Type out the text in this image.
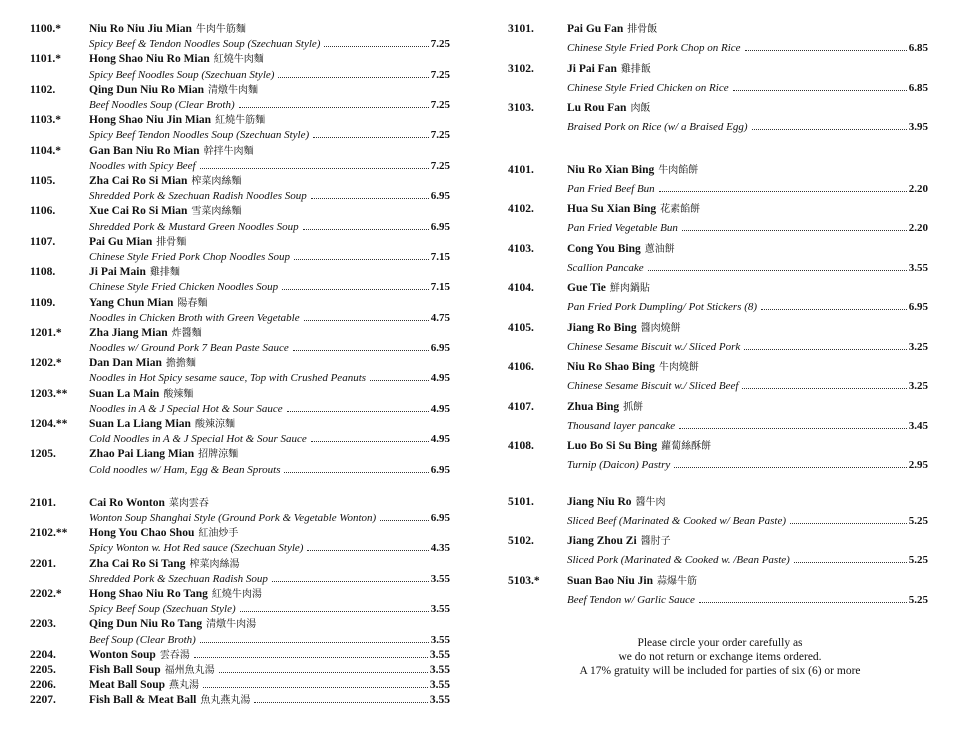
1100.* Niu Ro Niu Jiu Mian 牛肉牛筋麵
Spicy Beef & Tendon Noodles Soup (Szechuan Style)	7.25
1101.* Hong Shao Niu Ro Mian 紅燒牛肉麵
Spicy Beef Noodles Soup (Szechuan Style)	7.25
1102.	Qing Dun Niu Ro Mian 清燉牛肉麵
Beef Noodles Soup (Clear Broth)	7.25
1103.* Hong Shao Niu Jin Mian 紅燒牛筋麵
Spicy Beef Tendon Noodles Soup (Szechuan Style)	7.25
1104.* Gan Ban Niu Ro Mian 幹拌牛肉麵
Noodles with Spicy Beef	7.25
1105.	Zha Cai Ro Si Mian 榨菜肉絲麵
Shredded Pork & Szechuan Radish Noodles Soup	6.95
1106.	Xue Cai Ro Si Mian 雪菜肉絲麵
Shredded Pork & Mustard Green Noodles Soup	6.95
1107.	Pai Gu Mian 排骨麵
Chinese Style Fried Pork Chop Noodles Soup	7.15
1108.	Ji Pai Main 雞排麵
Chinese Style Fried Chicken Noodles Soup	7.15
1109.	Yang Chun Mian 陽春麵
Noodles in Chicken Broth with Green Vegetable	4.75
1201.* Zha Jiang Mian 炸醬麵
Noodles w/ Ground Pork 7 Bean Paste Sauce	6.95
1202.* Dan Dan Mian 擔擔麵
Noodles in Hot Spicy sesame sauce, Top with Crushed Peanuts	4.95
1203.** Suan La Main 酸辣麵
Noodles in A & J Special Hot & Sour Sauce	4.95
1204.** Suan La Liang Mian 酸辣涼麵
Cold Noodles in A & J Special Hot & Sour Sauce	4.95
1205.	Zhao Pai Liang Mian 招牌涼麵
Cold noodles w/ Ham, Egg & Bean Sprouts	6.95
2101.	Cai Ro Wonton 菜肉雲吞
Wonton Soup Shanghai Style (Ground Pork & Vegetable Wonton)	6.95
2102.** Hong You Chao Shou 紅油炒手
Spicy Wonton w. Hot Red sauce (Szechuan Style)	4.35
2201.	Zha Cai Ro Si Tang 榨菜肉絲湯
Shredded Pork & Szechuan Radish Soup	3.55
2202.* Hong Shao Niu Ro Tang 紅燒牛肉湯
Spicy Beef Soup (Szechuan Style)	3.55
2203.	Qing Dun Niu Ro Tang 清燉牛肉湯
Beef Soup (Clear Broth)	3.55
2204.	Wonton Soup 雲吞湯	3.55
2205.	Fish Ball Soup 福州魚丸湯	3.55
2206.	Meat Ball Soup 燕丸湯	3.55
2207.	Fish Ball & Meat Ball 魚丸燕丸湯	3.55
3101.	Pai Gu Fan 排骨飯
Chinese Style Fried Pork Chop on Rice	6.85
3102.	Ji Pai Fan 雞排飯
Chinese Style Fried Chicken on Rice	6.85
3103.	Lu Rou Fan 肉飯
Braised Pork on Rice (w/ a Braised Egg)	3.95
4101.	Niu Ro Xian Bing 牛肉餡餅
Pan Fried Beef Bun	2.20
4102.	Hua Su Xian Bing 花素餡餅
Pan Fried Vegetable Bun	2.20
4103.	Cong You Bing 蔥油餅
Scallion Pancake	3.55
4104.	Gue Tie 鮮肉鍋貼
Pan Fried Pork Dumpling/ Pot Stickers (8)	6.95
4105.	Jiang Ro Bing 醬肉燒餅
Chinese Sesame Biscuit w./ Sliced Pork	3.25
4106.	Niu Ro Shao Bing 牛肉燒餅
Chinese Sesame Biscuit w./ Sliced Beef	3.25
4107.	Zhua Bing 抓餅
Thousand layer pancake	3.45
4108.	Luo Bo Si Su Bing 蘿蔔絲酥餅
Turnip (Daicon) Pastry	2.95
5101.	Jiang Niu Ro 醬牛肉
Sliced Beef (Marinated & Cooked w/ Bean Paste)	5.25
5102.	Jiang Zhou Zi 醬肘子
Sliced Pork (Marinated & Cooked w. /Bean Paste)	5.25
5103.* Suan Bao Niu Jin 蒜爆牛筋
Beef Tendon w/ Garlic Sauce	5.25
Please circle your order carefully as
we do not return or exchange items ordered.
A 17% gratuity will be included for parties of six (6) or more
